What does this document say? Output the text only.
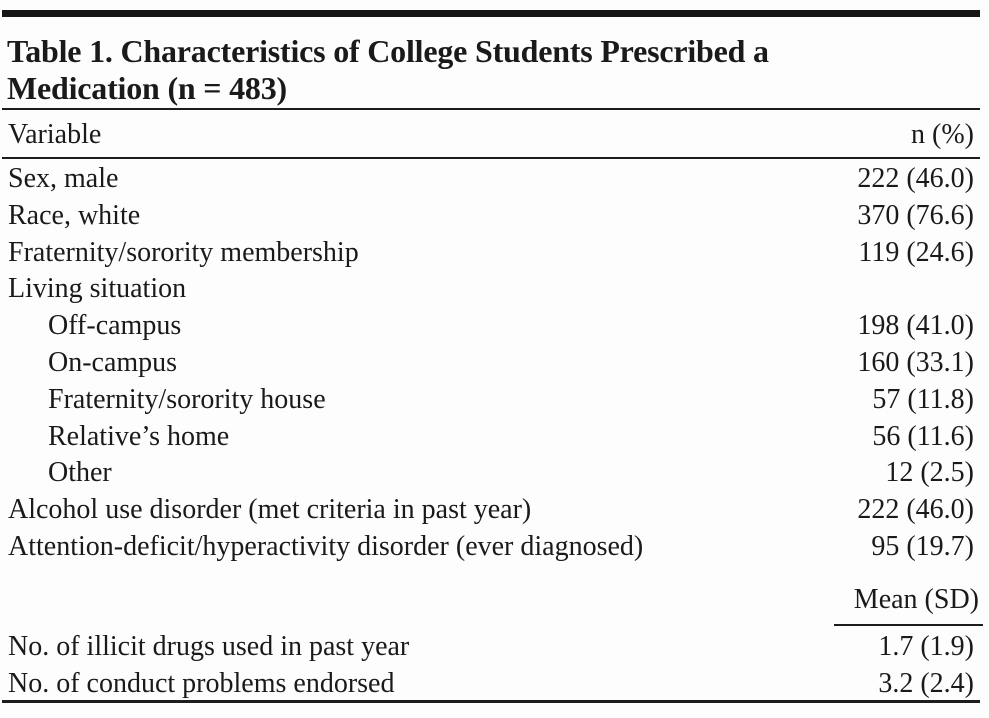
Table 1. Characteristics of College Students Prescribed a
Medication (n = 483)
Variable	n (%)
Sex, male	222 (46.0)
Race, white	370 (76.6)
Fraternity/sorority membership	119 (24.6)
Living situation
Off-campus	198 (41.0)
On-campus	160 (33.1)
Fraternity/sorority house	57 (11.8)
Relative’s home	56 (11.6)
Other	12 (2.5)
Alcohol use disorder (met criteria in past year)	222 (46.0)
Attention-deficit/hyperactivity disorder (ever diagnosed)	95 (19.7)
Mean (SD)
No. of illicit drugs used in past year	1.7 (1.9)
No. of conduct problems endorsed	3.2 (2.4)
